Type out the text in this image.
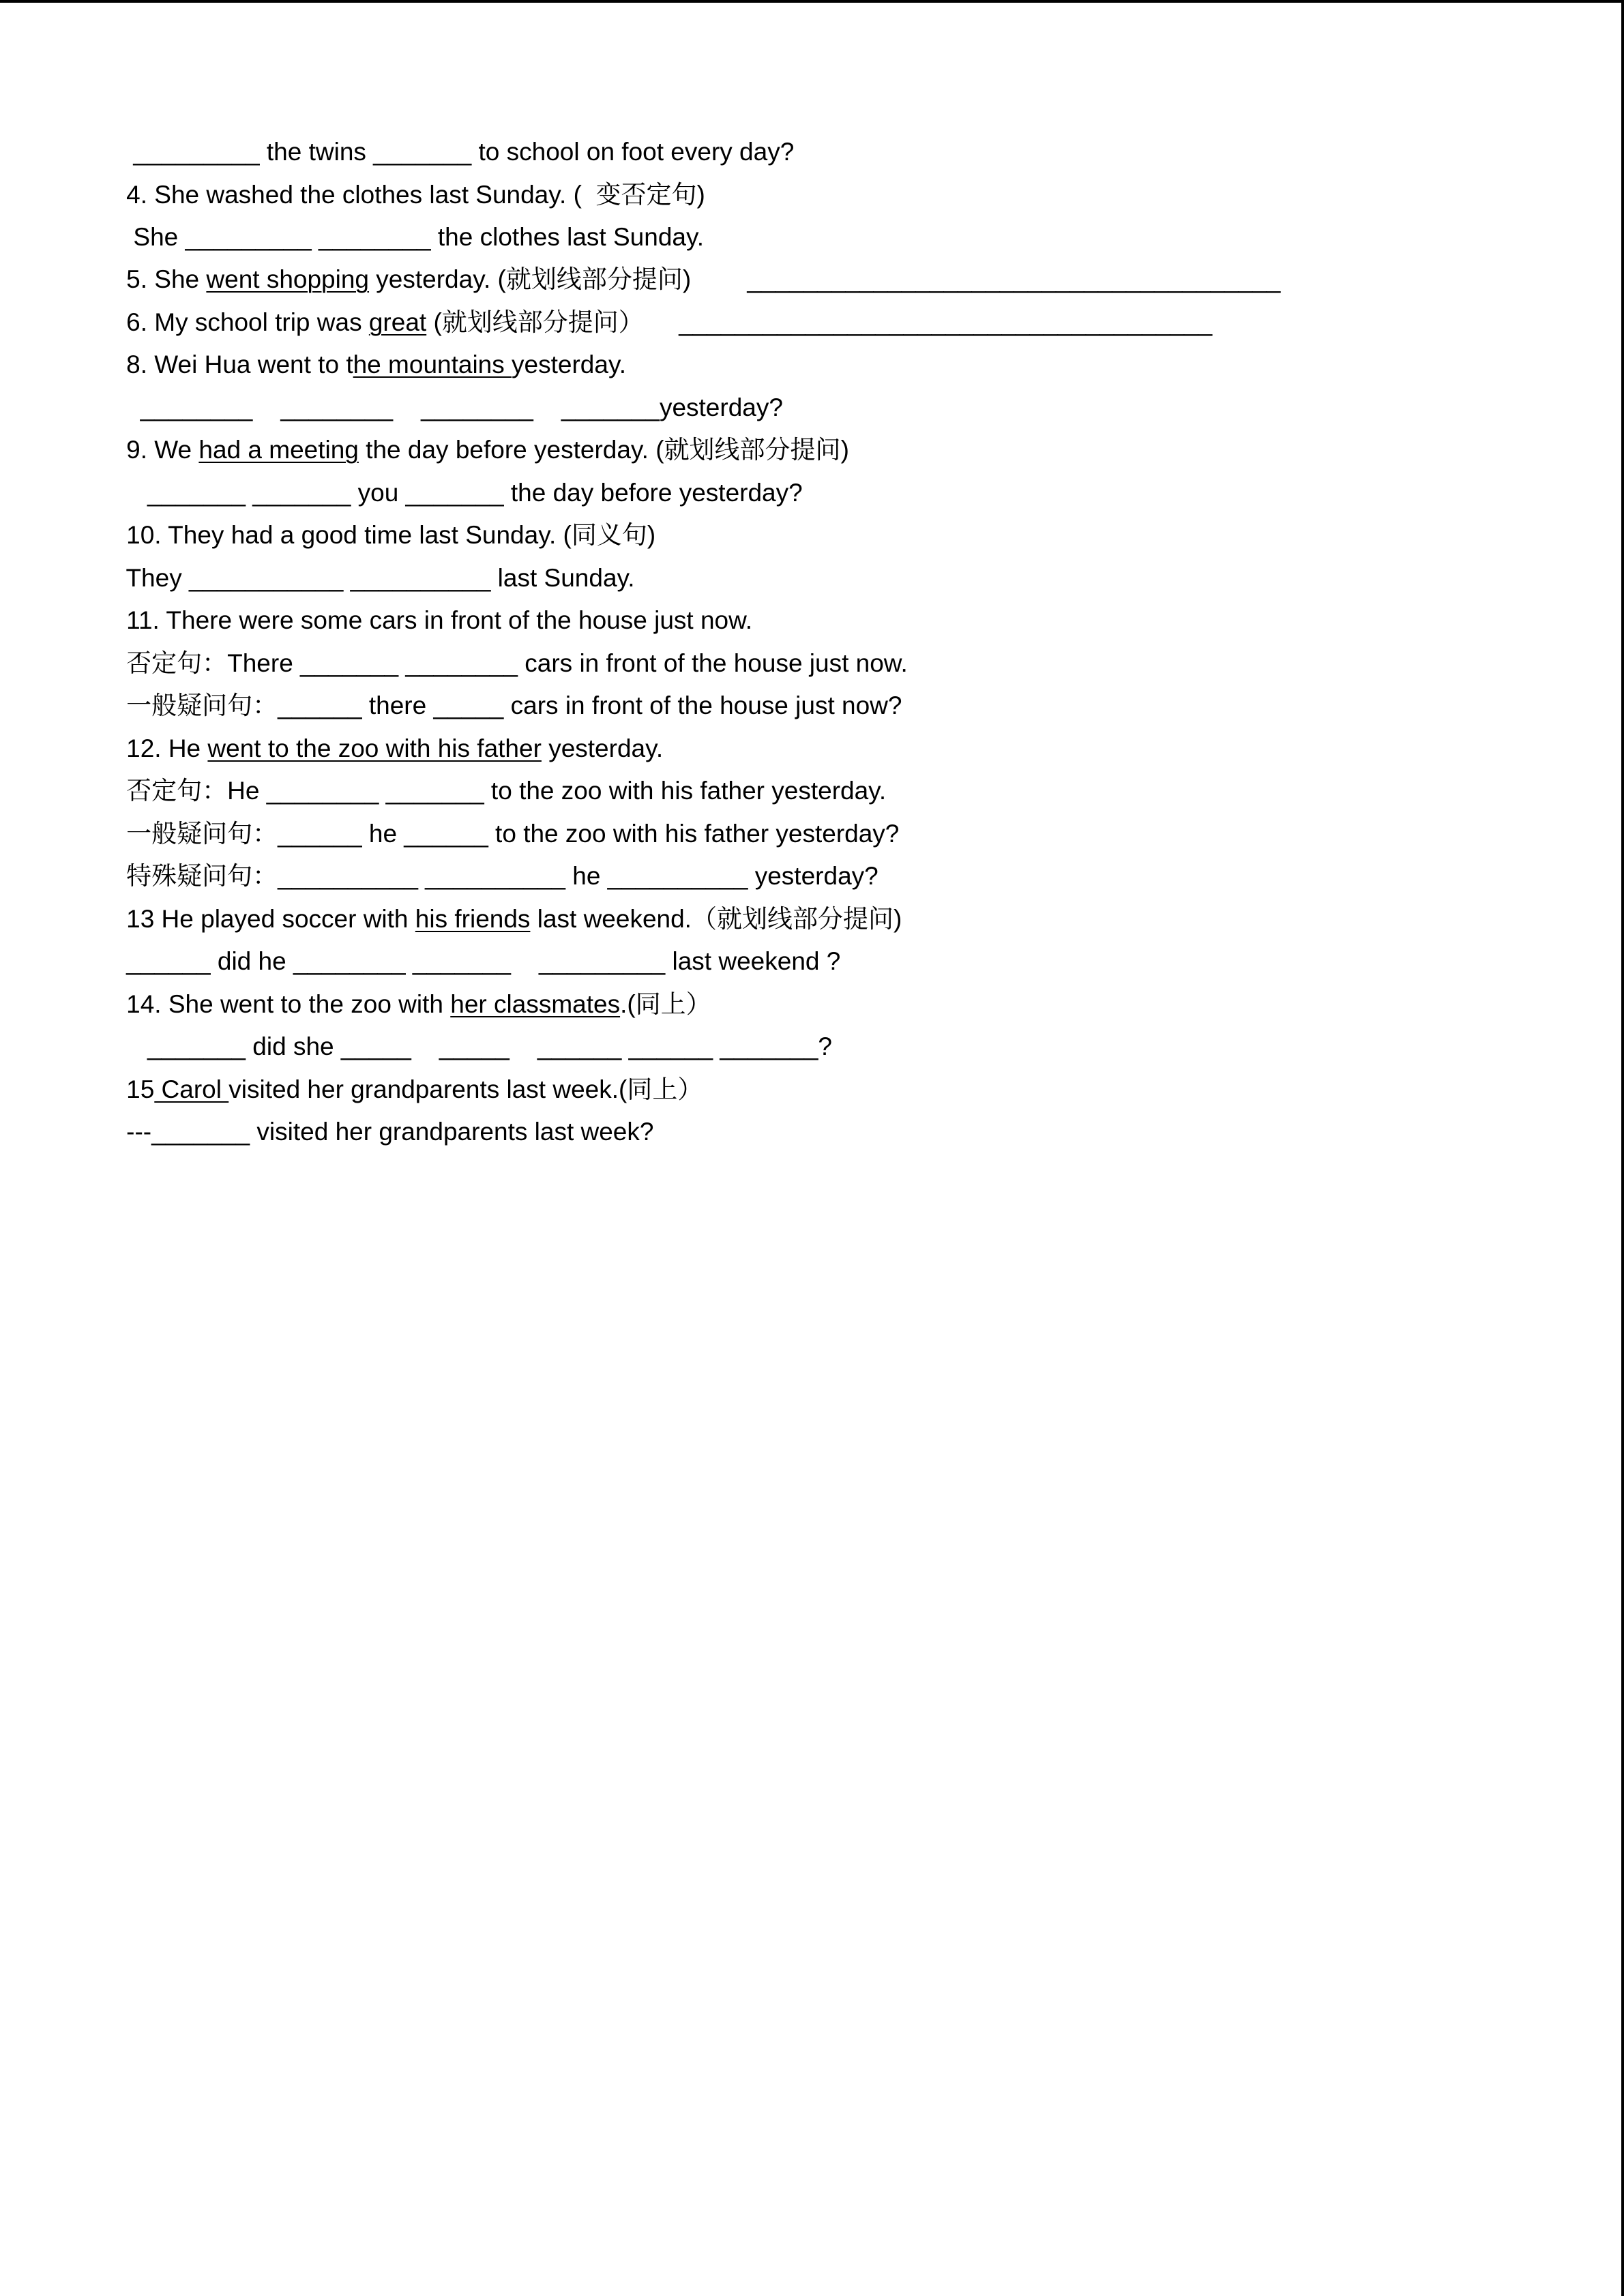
_________ the twins _______ to school on foot every day?

4. She washed the clothes last Sunday. (  变否定句)

She _________ ________ the clothes last Sunday.

5. She went shopping yesterday. (就划线部分提问)        ______________________________________

6. My school trip was great (就划线部分提问）     ______________________________________

8. Wei Hua went to the mountains yesterday.

________    ________    ________    _______yesterday?

9. We had a meeting the day before yesterday. (就划线部分提问)

_______ _______ you _______ the day before yesterday?

10. They had a good time last Sunday. (同义句)

They ___________ __________ last Sunday.

11. There were some cars in front of the house just now.

否定句：There _______ ________ cars in front of the house just now.

一般疑问句：______ there _____ cars in front of the house just now?

12. He went to the zoo with his father yesterday.

否定句：He ________ _______ to the zoo with his father yesterday.

一般疑问句：______ he ______ to the zoo with his father yesterday?

特殊疑问句：__________ __________ he __________ yesterday?

13 He played soccer with his friends last weekend.（就划线部分提问)

______ did he ________ _______    _________ last weekend ?

14. She went to the zoo with her classmates.(同上）

_______ did she _____    _____    ______ ______ _______?

15 Carol visited her grandparents last week.(同上）

---_______ visited her grandparents last week?
